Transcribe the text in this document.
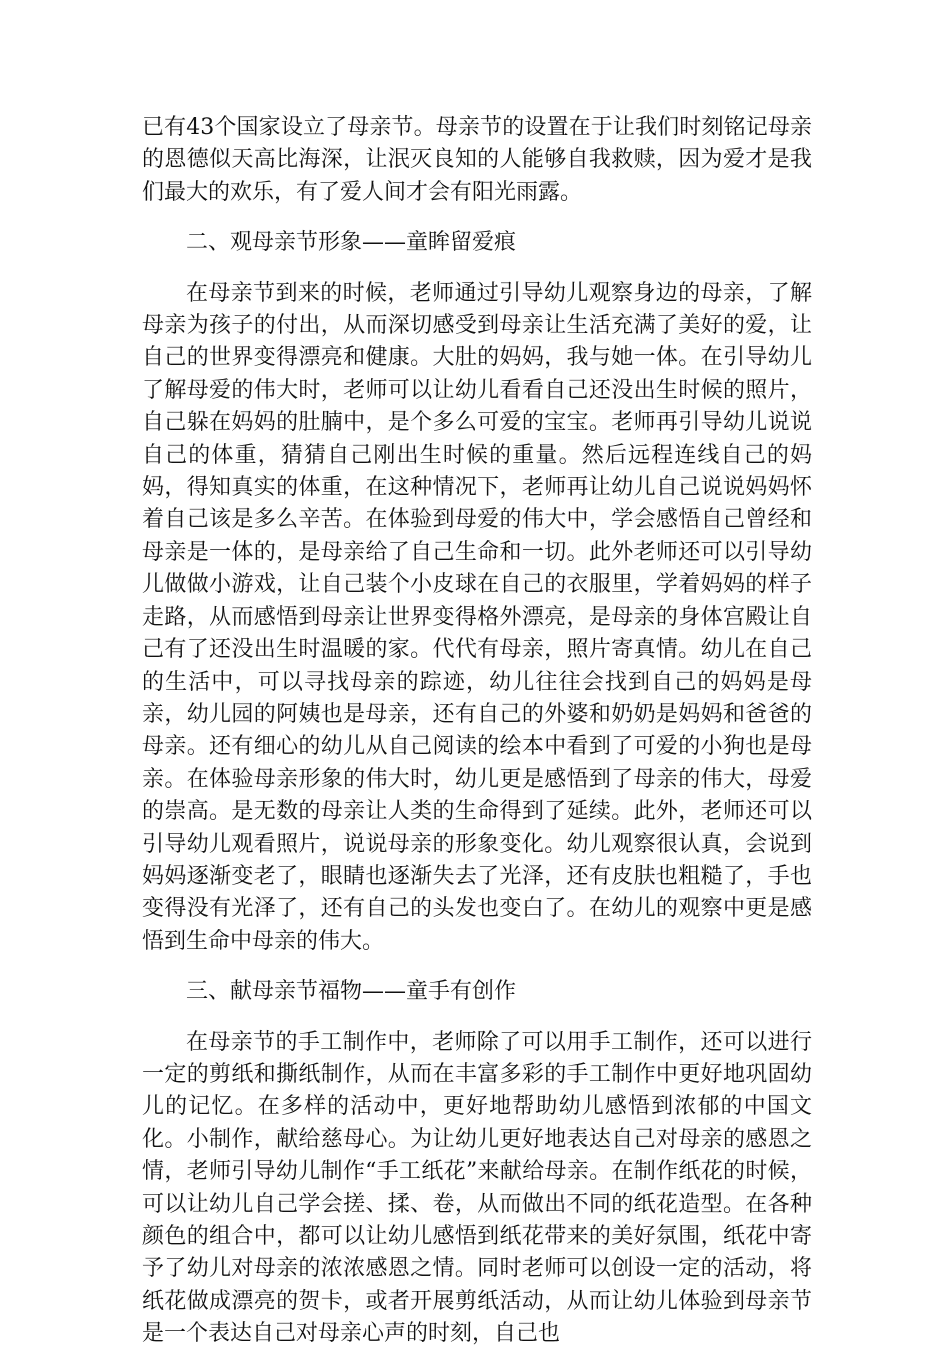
已有43个国家设立了母亲节。母亲节的设置在于让我们时刻铭记母亲的恩德似天高比海深，让泯灭良知的人能够自我救赎，因为爱才是我们最大的欢乐，有了爱人间才会有阳光雨露。

二、观母亲节形象——童眸留爱痕

在母亲节到来的时候，老师通过引导幼儿观察身边的母亲，了解母亲为孩子的付出，从而深切感受到母亲让生活充满了美好的爱，让自己的世界变得漂亮和健康。大肚的妈妈，我与她一体。在引导幼儿了解母爱的伟大时，老师可以让幼儿看看自己还没出生时候的照片，自己躲在妈妈的肚腩中，是个多么可爱的宝宝。老师再引导幼儿说说自己的体重，猜猜自己刚出生时候的重量。然后远程连线自己的妈妈，得知真实的体重，在这种情况下，老师再让幼儿自己说说妈妈怀着自己该是多么辛苦。在体验到母爱的伟大中，学会感悟自己曾经和母亲是一体的，是母亲给了自己生命和一切。此外老师还可以引导幼儿做做小游戏，让自己装个小皮球在自己的衣服里，学着妈妈的样子走路，从而感悟到母亲让世界变得格外漂亮，是母亲的身体宫殿让自己有了还没出生时温暖的家。代代有母亲，照片寄真情。幼儿在自己的生活中，可以寻找母亲的踪迹，幼儿往往会找到自己的妈妈是母亲，幼儿园的阿姨也是母亲，还有自己的外婆和奶奶是妈妈和爸爸的母亲。还有细心的幼儿从自己阅读的绘本中看到了可爱的小狗也是母亲。在体验母亲形象的伟大时，幼儿更是感悟到了母亲的伟大，母爱的崇高。是无数的母亲让人类的生命得到了延续。此外，老师还可以引导幼儿观看照片，说说母亲的形象变化。幼儿观察很认真，会说到妈妈逐渐变老了，眼睛也逐渐失去了光泽，还有皮肤也粗糙了，手也变得没有光泽了，还有自己的头发也变白了。在幼儿的观察中更是感悟到生命中母亲的伟大。

三、献母亲节福物——童手有创作

在母亲节的手工制作中，老师除了可以用手工制作，还可以进行一定的剪纸和撕纸制作，从而在丰富多彩的手工制作中更好地巩固幼儿的记忆。在多样的活动中，更好地帮助幼儿感悟到浓郁的中国文化。小制作，献给慈母心。为让幼儿更好地表达自己对母亲的感恩之情，老师引导幼儿制作“手工纸花”来献给母亲。在制作纸花的时候，可以让幼儿自己学会搓、揉、卷，从而做出不同的纸花造型。在各种颜色的组合中，都可以让幼儿感悟到纸花带来的美好氛围，纸花中寄予了幼儿对母亲的浓浓感恩之情。同时老师可以创设一定的活动，将纸花做成漂亮的贺卡，或者开展剪纸活动，从而让幼儿体验到母亲节是一个表达自己对母亲心声的时刻，自己也
